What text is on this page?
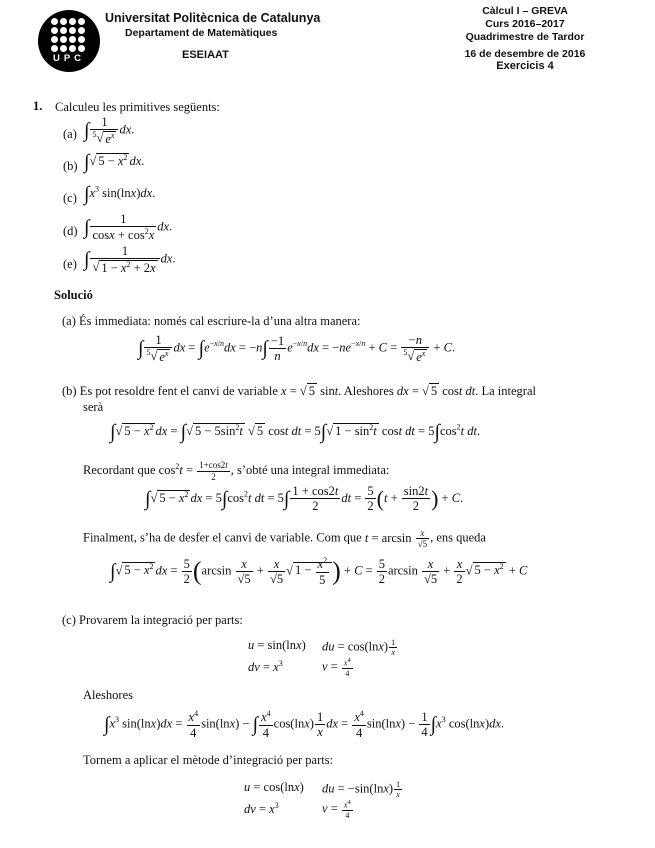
UPC
Universitat Politècnica de Catalunya
Departament de Matemàtiques
ESEIAAT
Càlcul I – GREVA
Curs 2016–2017
Quadrimestre de Tardor
16 de desembre de 2016
Exercicis 4
1. Calculeu les primitives següents:
(a) ∫ $\frac{1}{^5√ e^x}$ dx.
(b) ∫√ $5 - x^2$ dx.
(c) $\int x^3$ sin(lnx)dx.
(d) ∫ $\frac{1}{\cos x + \cos^2x}$ dx.
(e) ∫ $\frac{1}{√ 1 - x^2 + 2x}$ dx.
Solució
(a) És immediata: només cal escriure-la d’una altra manera:
∫ $\frac{1}{^5√ e^x}$ dx = $\int e^{-x/n}dx = -n\int \frac{-1}{n} e^{-x/n}dx = -ne^{-x/n} + C = \frac{-n}{^5√ e^x} + C$.
(b) Es pot resoldre fent el canvi de variable x = √ 5 sint. Aleshores dx = √ 5 cost dt. La integral
serà
∫√ $5 - x^2$ dx = ∫√ $5 - 5\sin^2t$ √ 5 cost dt = 5∫√ $1 - \sin^2t$ cost dt = $5\int\cos^2t$ dt.
Recordant que $\cos^2t = \frac{1+\cos 2t}{2}$ , s’obté una integral immediata:
∫√ $5 - x^2$ dx = $5\int\cos^2t$ dt = $5\int \frac{1 + \cos 2t}{2}$ dt = $\frac{5}{2} (t + \frac{\sin 2t}{2}$ ) + C.
Finalment, s’ha de desfer el canvi de variable. Com que $t = \arcsin \frac{x}{√5}$ , ens queda
∫√ $5 - x^2$ dx = $\frac{5}{2} (\arcsin \frac{x}{√5} + \frac{x}{√5}$ √ $1 - \frac{x^2}{5}$ ) + $C = \frac{5}{2}$ $\arcsin \frac{x}{√5} + \frac{x}{2}$ √ $5 - x^2 + C$
(c) Provarem la integració per parts:
u = sin(lnx) du = $\cos(\ln x) \frac{1}{x}$
dv = $x^3$	$v = \frac{x^4}{4}$
Aleshores
$\int x^3$ $\sin(\ln x)dx = \frac{x^4}{4} \sin(\ln x)$ − ∫ $\frac{x^4}{4} \cos(\ln x) \frac{1}{x}$ dx = $\frac{x^4}{4} \sin(\ln x) - \frac{1}{4} \int x^3$ cos(lnx)dx.
Tornem a aplicar el mètode d’integració per parts:
u = cos(lnx) du = $-\sin(\ln x) \frac{1}{x}$
dv = $x^3$	$v = \frac{x^4}{4}$
